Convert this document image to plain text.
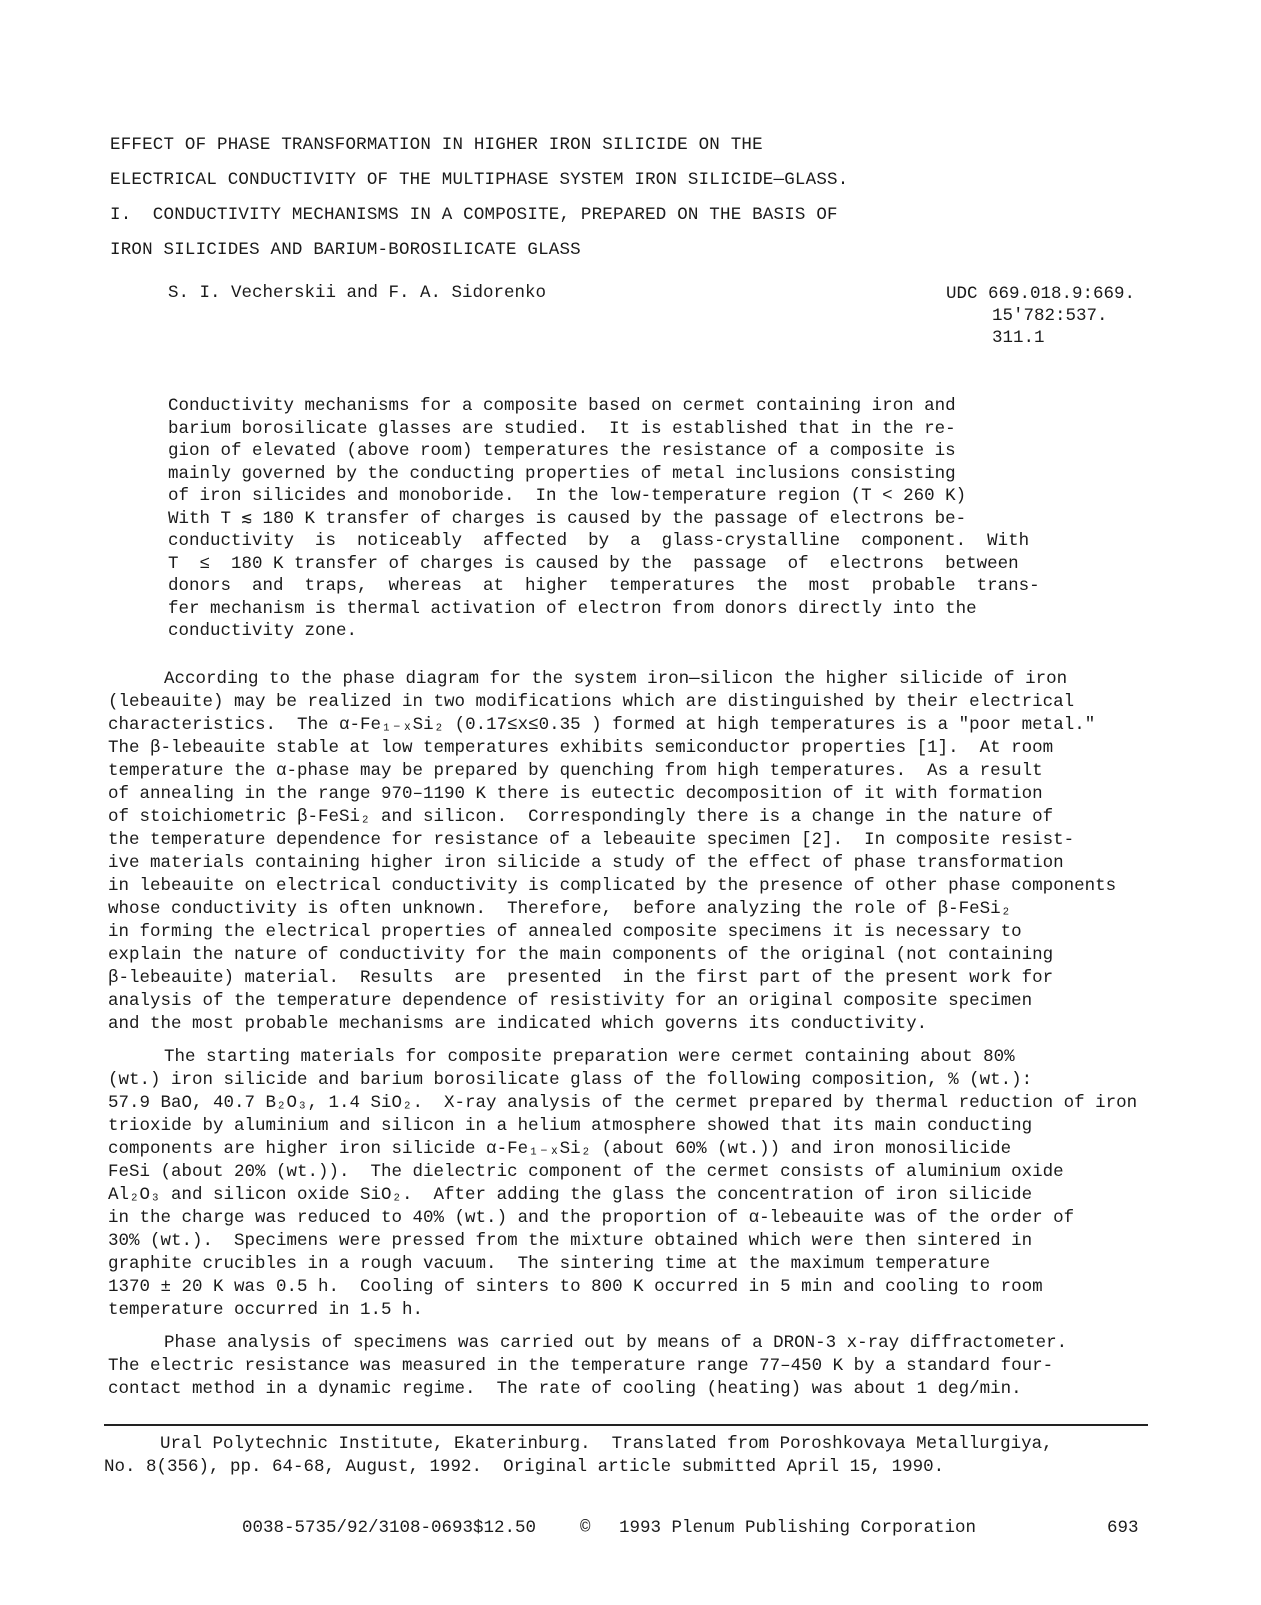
EFFECT OF PHASE TRANSFORMATION IN HIGHER IRON SILICIDE ON THE
ELECTRICAL CONDUCTIVITY OF THE MULTIPHASE SYSTEM IRON SILICIDE—GLASS.
I.  CONDUCTIVITY MECHANISMS IN A COMPOSITE, PREPARED ON THE BASIS OF
IRON SILICIDES AND BARIUM-BOROSILICATE GLASS
S. I. Vecherskii and F. A. Sidorenko	UDC 669.018.9:669.
15'782:537.
311.1
Conductivity mechanisms for a composite based on cermet containing iron and
barium borosilicate glasses are studied.  It is established that in the re-
gion of elevated (above room) temperatures the resistance of a composite is
mainly governed by the conducting properties of metal inclusions consisting
of iron silicides and monoboride.  In the low-temperature region (T < 260 K)
With T ≲ 180 K transfer of charges is caused by the passage of electrons be-
conductivity  is  noticeably  affected  by  a  glass-crystalline  component.  With
T  ≤  180 K transfer of charges is caused by the  passage  of  electrons  between
donors  and  traps,  whereas  at  higher  temperatures  the  most  probable  trans-
fer mechanism is thermal activation of electron from donors directly into the
conductivity zone.
According to the phase diagram for the system iron—silicon the higher silicide of iron
(lebeauite) may be realized in two modifications which are distinguished by their electrical
characteristics.  The α-Fe₁₋ₓSi₂ (0.17≤x≤0.35 ) formed at high temperatures is a "poor metal."
The β-lebeauite stable at low temperatures exhibits semiconductor properties [1].  At room
temperature the α-phase may be prepared by quenching from high temperatures.  As a result
of annealing in the range 970–1190 K there is eutectic decomposition of it with formation
of stoichiometric β-FeSi₂ and silicon.  Correspondingly there is a change in the nature of
the temperature dependence for resistance of a lebeauite specimen [2].  In composite resist-
ive materials containing higher iron silicide a study of the effect of phase transformation
in lebeauite on electrical conductivity is complicated by the presence of other phase components
whose conductivity is often unknown.  Therefore,  before analyzing the role of β-FeSi₂
in forming the electrical properties of annealed composite specimens it is necessary to
explain the nature of conductivity for the main components of the original (not containing
β-lebeauite) material.  Results  are  presented  in the first part of the present work for
analysis of the temperature dependence of resistivity for an original composite specimen
and the most probable mechanisms are indicated which governs its conductivity.
The starting materials for composite preparation were cermet containing about 80%
(wt.) iron silicide and barium borosilicate glass of the following composition, % (wt.):
57.9 BaO, 40.7 B₂O₃, 1.4 SiO₂.  X-ray analysis of the cermet prepared by thermal reduction of iron
trioxide by aluminium and silicon in a helium atmosphere showed that its main conducting
components are higher iron silicide α-Fe₁₋ₓSi₂ (about 60% (wt.)) and iron monosilicide
FeSi (about 20% (wt.)).  The dielectric component of the cermet consists of aluminium oxide
Al₂O₃ and silicon oxide SiO₂.  After adding the glass the concentration of iron silicide
in the charge was reduced to 40% (wt.) and the proportion of α-lebeauite was of the order of
30% (wt.).  Specimens were pressed from the mixture obtained which were then sintered in
graphite crucibles in a rough vacuum.  The sintering time at the maximum temperature
1370 ± 20 K was 0.5 h.  Cooling of sinters to 800 K occurred in 5 min and cooling to room
temperature occurred in 1.5 h.
Phase analysis of specimens was carried out by means of a DRON-3 x-ray diffractometer.
The electric resistance was measured in the temperature range 77–450 K by a standard four-
contact method in a dynamic regime.  The rate of cooling (heating) was about 1 deg/min.
Ural Polytechnic Institute, Ekaterinburg.  Translated from Poroshkovaya Metallurgiya,
No. 8(356), pp. 64-68, August, 1992.  Original article submitted April 15, 1990.
0038-5735/92/3108-0693$12.50	© 1993 Plenum Publishing Corporation	693
